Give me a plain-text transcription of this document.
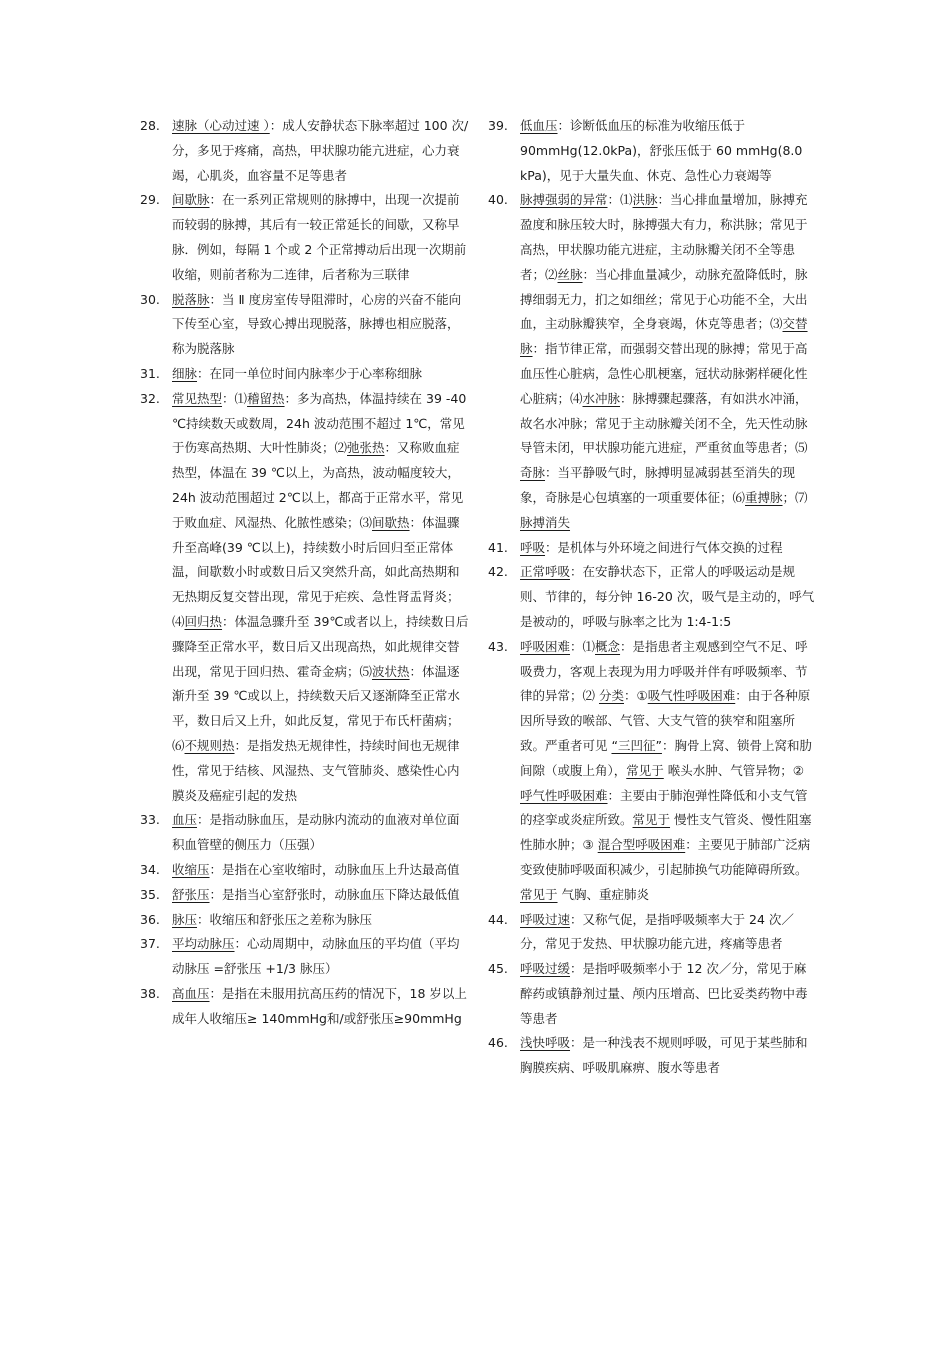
28. 速脉（心动过速 ）：成人安静状态下脉率超过 100 次/分，多见于疼痛，高热，甲状腺功能亢进症，心力衰竭，心肌炎，血容量不足等患者
29. 间歇脉：在一系列正常规则的脉搏中，出现一次提前而较弱的脉搏，其后有一较正常延长的间歇，又称早脉．例如，每隔 1 个或 2 个正常搏动后出现一次期前收缩，则前者称为二连律，后者称为三联律
30. 脱落脉：当 Ⅱ 度房室传导阻滞时，心房的兴奋不能向下传至心室，导致心搏出现脱落，脉搏也相应脱落，称为脱落脉
31. 细脉：在同一单位时间内脉率少于心率称细脉
32. 常见热型：⑴稽留热：多为高热，体温持续在 39 -40 ℃持续数天或数周，24h 波动范围不超过 1℃，常见于伤寒高热期、大叶性肺炎；⑵弛张热：又称败血症热型，体温在 39 ℃以上，为高热，波动幅度较大，24h 波动范围超过 2℃以上，都高于正常水平，常见于败血症、风湿热、化脓性感染；⑶间歇热：体温骤升至高峰(39 ℃以上)，持续数小时后回归至正常体温，间歇数小时或数日后又突然升高，如此高热期和无热期反复交替出现，常见于疟疾、急性肾盂肾炎；⑷回归热：体温急骤升至 39℃或者以上，持续数日后骤降至正常水平，数日后又出现高热，如此规律交替出现，常见于回归热、霍奇金病；⑸波状热：体温逐渐升至 39 ℃或以上，持续数天后又逐渐降至正常水平，数日后又上升，如此反复，常见于布氏杆菌病；⑹不规则热：是指发热无规律性，持续时间也无规律性，常见于结核、风湿热、支气管肺炎、感染性心内膜炎及癌症引起的发热
33. 血压：是指动脉血压，是动脉内流动的血液对单位面积血管壁的侧压力（压强）
34. 收缩压：是指在心室收缩时，动脉血压上升达最高值
35. 舒张压：是指当心室舒张时，动脉血压下降达最低值
36. 脉压：收缩压和舒张压之差称为脉压
37. 平均动脉压：心动周期中，动脉血压的平均值（平均动脉压 =舒张压 +1/3 脉压）
38. 高血压：是指在未服用抗高压药的情况下，18 岁以上成年人收缩压≥ 140mmHg和/或舒张压≥90mmHg
39. 低血压：诊断低血压的标准为收缩压低于 90mmHg(12.0kPa)，舒张压低于 60 mmHg(8.0 kPa)，见于大量失血、休克、急性心力衰竭等
40. 脉搏强弱的异常：⑴洪脉：当心排血量增加，脉搏充盈度和脉压较大时，脉搏强大有力，称洪脉；常见于高热，甲状腺功能亢进症，主动脉瓣关闭不全等患者；⑵丝脉：当心排血量减少，动脉充盈降低时，脉搏细弱无力，扪之如细丝；常见于心功能不全，大出血，主动脉瓣狭窄，全身衰竭，休克等患者；⑶交替脉：指节律正常，而强弱交替出现的脉搏；常见于高血压性心脏病，急性心肌梗塞，冠状动脉粥样硬化性心脏病；⑷水冲脉：脉搏骤起骤落，有如洪水冲涌，故名水冲脉；常见于主动脉瓣关闭不全，先天性动脉导管未闭，甲状腺功能亢进症，严重贫血等患者；⑸奇脉：当平静吸气时，脉搏明显减弱甚至消失的现象，奇脉是心包填塞的一项重要体征；⑹重搏脉；⑺脉搏消失
41. 呼吸：是机体与外环境之间进行气体交换的过程
42. 正常呼吸：在安静状态下，正常人的呼吸运动是规则、节律的，每分钟 16-20 次，吸气是主动的，呼气是被动的，呼吸与脉率之比为 1:4-1:5
43. 呼吸困难：⑴概念：是指患者主观感到空气不足、呼吸费力，客观上表现为用力呼吸并伴有呼吸频率、节律的异常；⑵ 分类：①吸气性呼吸困难：由于各种原因所导致的喉部、气管、大支气管的狭窄和阻塞所致。严重者可见 “三凹征”：胸骨上窝、锁骨上窝和肋间隙（或腹上角），常见于 喉头水肿、气管异物；② 呼气性呼吸困难：主要由于肺泡弹性降低和小支气管的痉挛或炎症所致。常见于 慢性支气管炎、慢性阻塞性肺水肿；③ 混合型呼吸困难：主要见于肺部广泛病变致使肺呼吸面积减少，引起肺换气功能障碍所致。常见于 气胸、重症肺炎
44. 呼吸过速：又称气促，是指呼吸频率大于 24 次／分，常见于发热、甲状腺功能亢进，疼痛等患者
45. 呼吸过缓：是指呼吸频率小于 12 次／分，常见于麻醉药或镇静剂过量、颅内压增高、巴比妥类药物中毒等患者
46. 浅快呼吸：是一种浅表不规则呼吸，可见于某些肺和胸膜疾病、呼吸肌麻痹、腹水等患者
